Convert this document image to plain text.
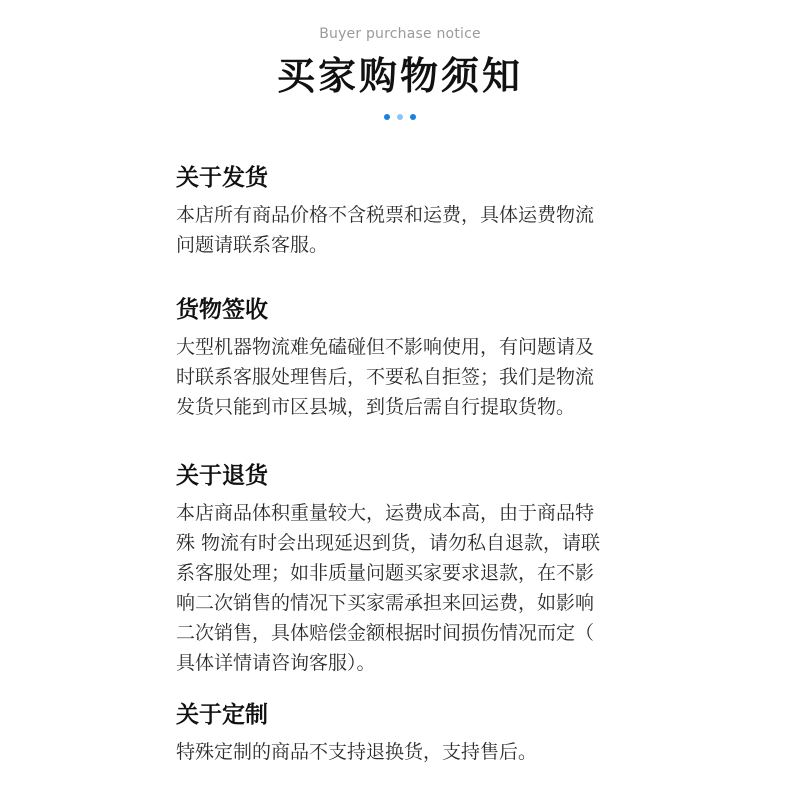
Buyer purchase notice
买家购物须知
关于发货
本店所有商品价格不含税票和运费，具体运费物流
问题请联系客服。
货物签收
大型机器物流难免磕碰但不影响使用，有问题请及
时联系客服处理售后，不要私自拒签；我们是物流
发货只能到市区县城，到货后需自行提取货物。
关于退货
本店商品体积重量较大，运费成本高，由于商品特
殊 物流有时会出现延迟到货，请勿私自退款，请联
系客服处理；如非质量问题买家要求退款，在不影
响二次销售的情况下买家需承担来回运费，如影响
二次销售，具体赔偿金额根据时间损伤情况而定（
具体详情请咨询客服）。
关于定制
特殊定制的商品不支持退换货，支持售后。
